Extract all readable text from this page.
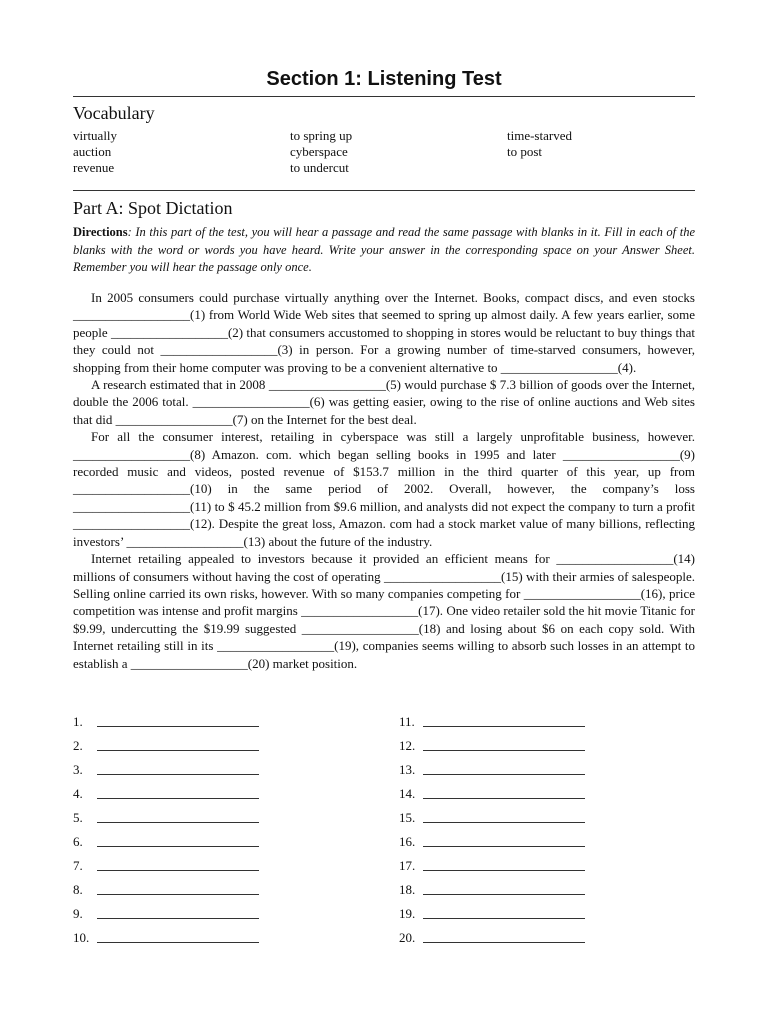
Section 1: Listening Test
Vocabulary
virtually
auction
revenue
to spring up
cyberspace
to undercut
time-starved
to post
Part A: Spot Dictation

Directions: In this part of the test, you will hear a passage and read the same passage with blanks in it. Fill in each of the blanks with the word or words you have heard. Write your answer in the corresponding space on your Answer Sheet. Remember you will hear the passage only once.

In 2005 consumers could purchase virtually anything over the Internet. Books, compact discs, and even stocks __________________(1) from World Wide Web sites that seemed to spring up almost daily. A few years earlier, some people __________________(2) that consumers accustomed to shopping in stores would be reluctant to buy things that they could not __________________(3) in person. For a growing number of time-starved consumers, however, shopping from their home computer was proving to be a convenient alternative to __________________(4).

A research estimated that in 2008 __________________(5) would purchase $ 7.3 billion of goods over the Internet, double the 2006 total. __________________(6) was getting easier, owing to the rise of online auctions and Web sites that did __________________(7) on the Internet for the best deal.

For all the consumer interest, retailing in cyberspace was still a largely unprofitable business, however. __________________(8) Amazon. com. which began selling books in 1995 and later __________________(9) recorded music and videos, posted revenue of $153.7 million in the third quarter of this year, up from __________________(10) in the same period of 2002. Overall, however, the company’s loss __________________(11) to $ 45.2 million from $9.6 million, and analysts did not expect the company to turn a profit __________________(12). Despite the great loss, Amazon. com had a stock market value of many billions, reflecting investors’ __________________(13) about the future of the industry.

Internet retailing appealed to investors because it provided an efficient means for __________________(14) millions of consumers without having the cost of operating __________________(15) with their armies of salespeople. Selling online carried its own risks, however. With so many companies competing for __________________(16), price competition was intense and profit margins __________________(17). One video retailer sold the hit movie Titanic for $9.99, undercutting the $19.99 suggested __________________(18) and losing about $6 on each copy sold. With Internet retailing still in its __________________(19), companies seems willing to absorb such losses in an attempt to establish a __________________(20) market position.

1.
2.
3.
4.
5.
6.
7.
8.
9.
10.
11.
12.
13.
14.
15.
16.
17.
18.
19.
20.
